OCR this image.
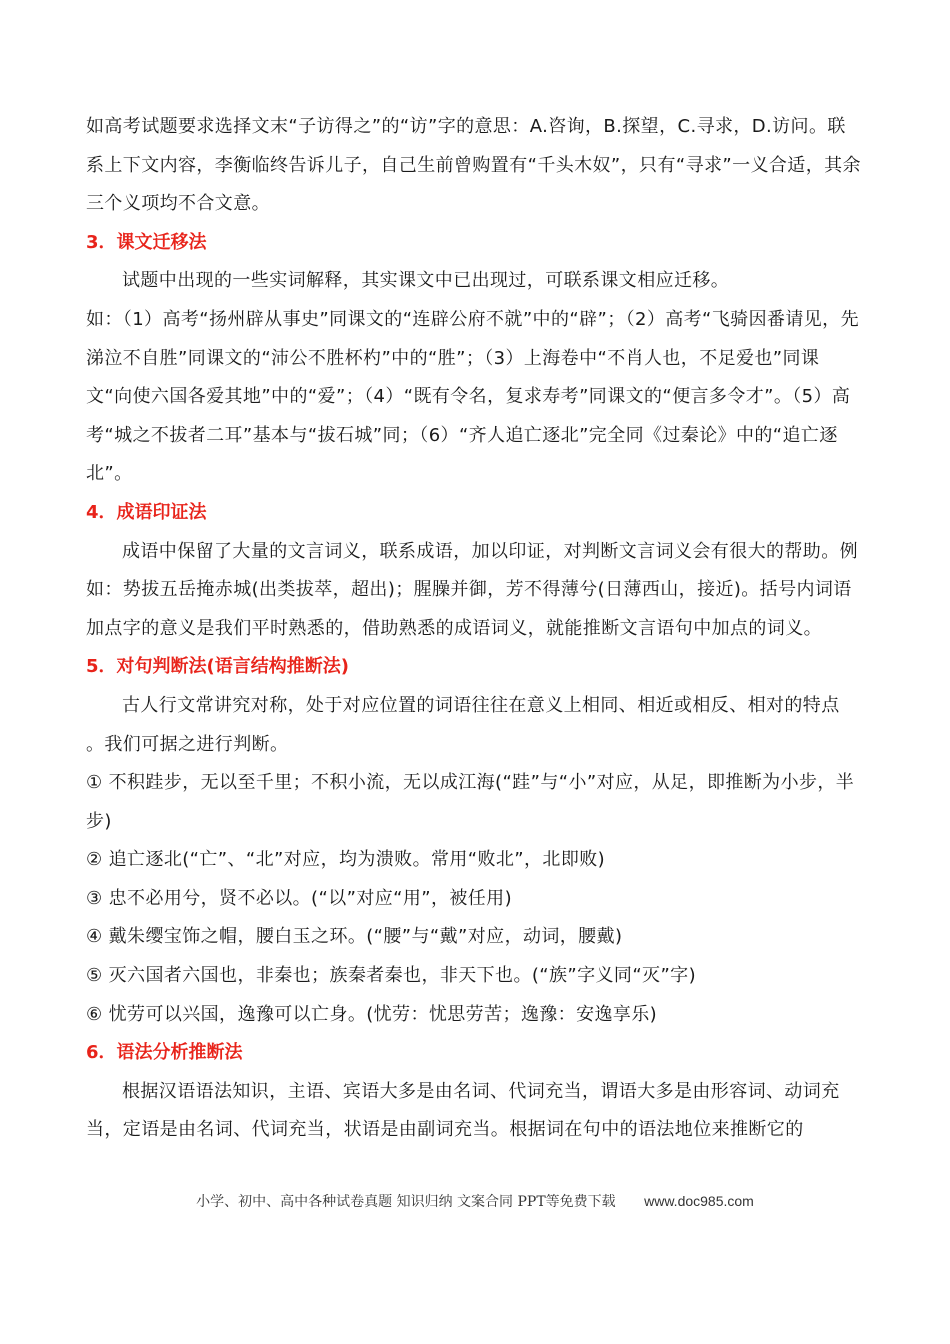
如高考试题要求选择文末“子访得之”的“访”字的意思：A.咨询，B.探望，C.寻求，D.访问。联系上下文内容，李衡临终告诉儿子，自己生前曾购置有“千头木奴”，只有“寻求”一义合适，其余三个义项均不合文意。

3．课文迁移法

试题中出现的一些实词解释，其实课文中已出现过，可联系课文相应迁移。

如：（1）高考“扬州辟从事史”同课文的“连辟公府不就”中的“辟”；（2）高考“飞骑因番请见，先涕泣不自胜”同课文的“沛公不胜杯杓”中的“胜”；（3）上海卷中“不肖人也，不足爱也”同课文“向使六国各爱其地”中的“爱”；（4）“既有令名，复求寿考”同课文的“便言多令才”。（5）高考“城之不拔者二耳”基本与“拔石城”同；（6）“齐人追亡逐北”完全同《过秦论》中的“追亡逐北”。

4．成语印证法

成语中保留了大量的文言词义，联系成语，加以印证，对判断文言词义会有很大的帮助。例如：势拔五岳掩赤城(出类拔萃，超出)；腥臊并御，芳不得薄兮(日薄西山，接近)。括号内词语加点字的意义是我们平时熟悉的，借助熟悉的成语词义，就能推断文言语句中加点的词义。

5．对句判断法(语言结构推断法)

古人行文常讲究对称，处于对应位置的词语往往在意义上相同、相近或相反、相对的特点 。我们可据之进行判断。

① 不积跬步，无以至千里；不积小流，无以成江海(“跬”与“小”对应，从足，即推断为小步，半步)

② 追亡逐北(“亡”、“北”对应，均为溃败。常用“败北”，北即败)

③ 忠不必用兮，贤不必以。(“以”对应“用”，被任用)

④ 戴朱缨宝饰之帽，腰白玉之环。(“腰”与“戴”对应，动词，腰戴)

⑤ 灭六国者六国也，非秦也；族秦者秦也，非天下也。(“族”字义同“灭”字)

⑥ 忧劳可以兴国，逸豫可以亡身。(忧劳：忧思劳苦；逸豫：安逸享乐)

6．语法分析推断法

根据汉语语法知识，主语、宾语大多是由名词、代词充当，谓语大多是由形容词、动词充当，定语是由名词、代词充当，状语是由副词充当。根据词在句中的语法地位来推断它的

小学、初中、高中各种试卷真题 知识归纳 文案合同 PPT等免费下载 www.doc985.com
